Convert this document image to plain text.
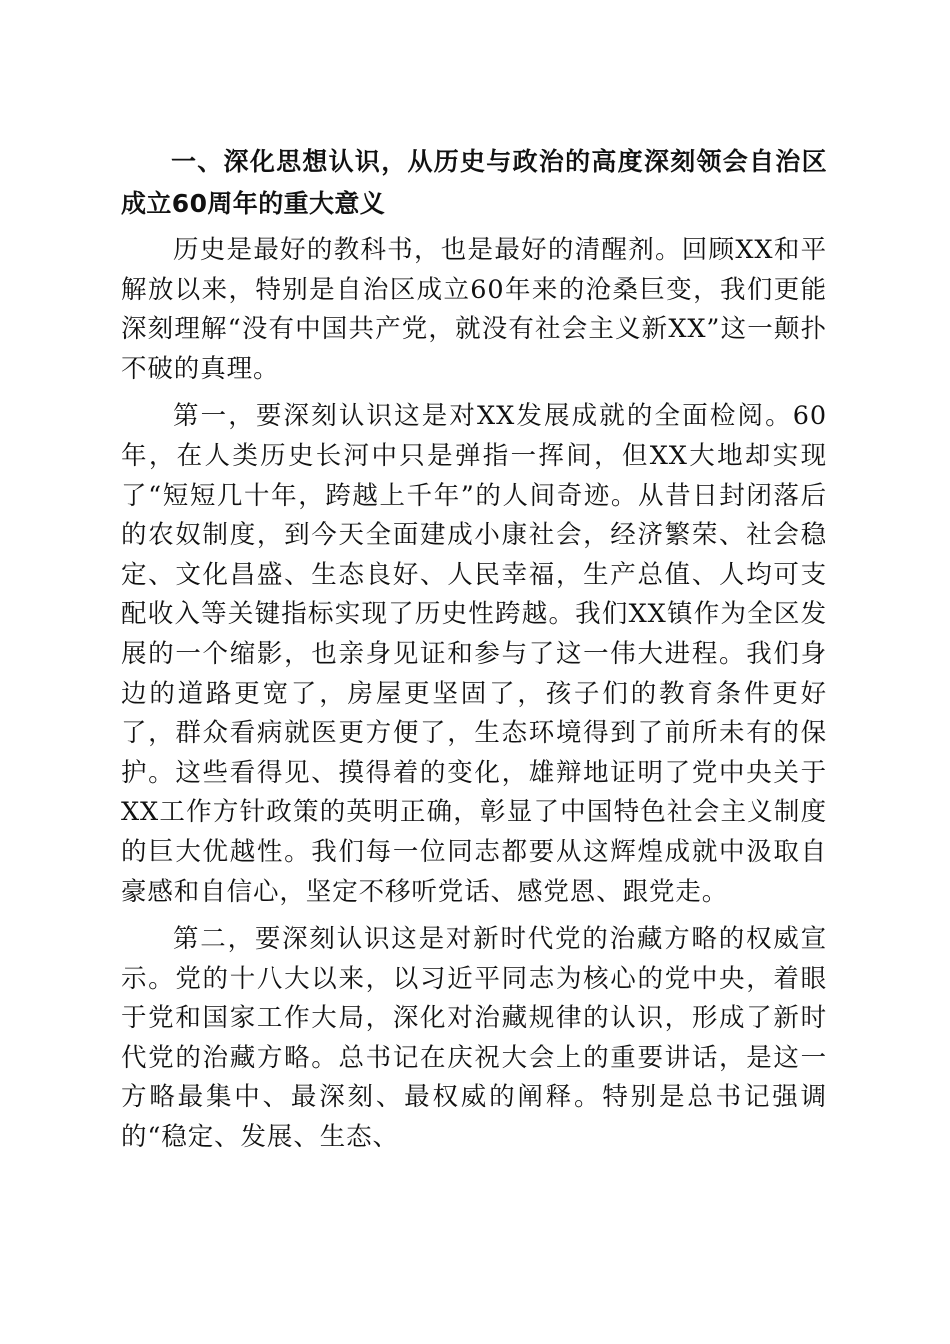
一、深化思想认识，从历史与政治的高度深刻领会自治区成立60周年的重大意义

历史是最好的教科书，也是最好的清醒剂。回顾XX和平解放以来，特别是自治区成立60年来的沧桑巨变，我们更能深刻理解“没有中国共产党，就没有社会主义新XX”这一颠扑不破的真理。

第一，要深刻认识这是对XX发展成就的全面检阅。60年，在人类历史长河中只是弹指一挥间，但XX大地却实现了“短短几十年，跨越上千年”的人间奇迹。从昔日封闭落后的农奴制度，到今天全面建成小康社会，经济繁荣、社会稳定、文化昌盛、生态良好、人民幸福，生产总值、人均可支配收入等关键指标实现了历史性跨越。我们XX镇作为全区发展的一个缩影，也亲身见证和参与了这一伟大进程。我们身边的道路更宽了，房屋更坚固了，孩子们的教育条件更好了，群众看病就医更方便了，生态环境得到了前所未有的保护。这些看得见、摸得着的变化，雄辩地证明了党中央关于XX工作方针政策的英明正确，彰显了中国特色社会主义制度的巨大优越性。我们每一位同志都要从这辉煌成就中汲取自豪感和自信心，坚定不移听党话、感党恩、跟党走。

第二，要深刻认识这是对新时代党的治藏方略的权威宣示。党的十八大以来，以习近平同志为核心的党中央，着眼于党和国家工作大局，深化对治藏规律的认识，形成了新时代党的治藏方略。总书记在庆祝大会上的重要讲话，是这一方略最集中、最深刻、最权威的阐释。特别是总书记强调的“稳定、发展、生态、
